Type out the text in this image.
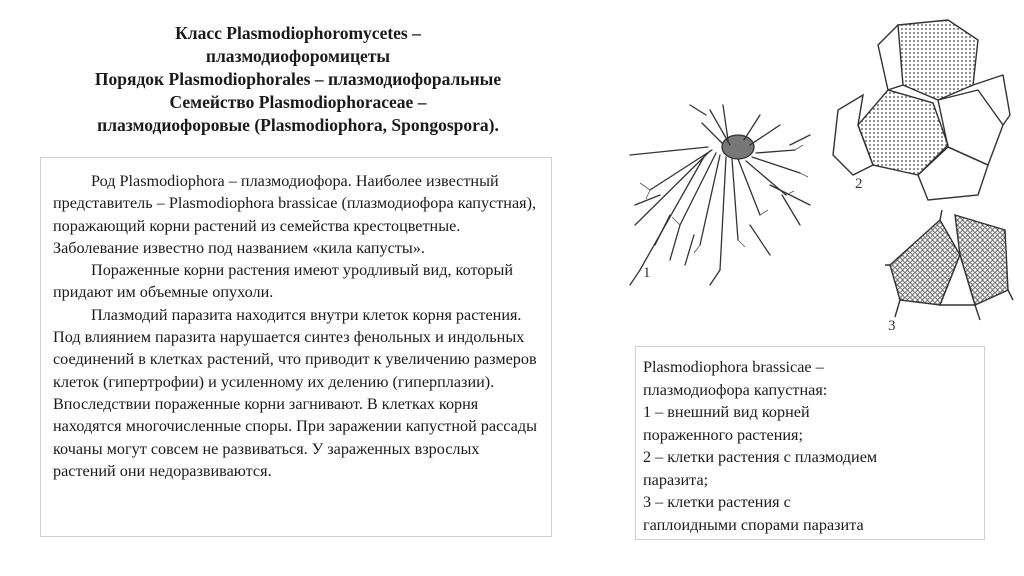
Класс Plasmodiophoromycetes –
плазмодиофоромицеты
Порядок Plasmodiophorales – плазмодиофоральные
Семейство Plasmodiophoraceae –
плазмодиофоровые (Plasmodiophora, Spongospora).

Род Plasmodiophora – плазмодиофора. Наиболее известный представитель – Plasmodiophora brassicae (плазмодиофора капустная), поражающий корни растений из семейства крестоцветные. Заболевание известно под названием «кила капусты».

Пораженные корни растения имеют уродливый вид, который придают им объемные опухоли.

Плазмодий паразита находится внутри клеток корня растения. Под влиянием паразита нарушается синтез фенольных и индольных соединений в клетках растений, что приводит к увеличению размеров клеток (гипертрофии) и усиленному их делению (гиперплазии). Впоследствии пораженные корни загнивают. В клетках корня находятся многочисленные споры. При заражении капустной рассады кочаны могут совсем не развиваться. У зараженных взрослых растений они недоразвиваются.

1
2
3
Plasmodiophora brassicae –
плазмодиофора капустная:
1 – внешний вид корней
пораженного растения;
2 – клетки растения с плазмодием
паразита;
3 – клетки растения с
гаплоидными спорами паразита
